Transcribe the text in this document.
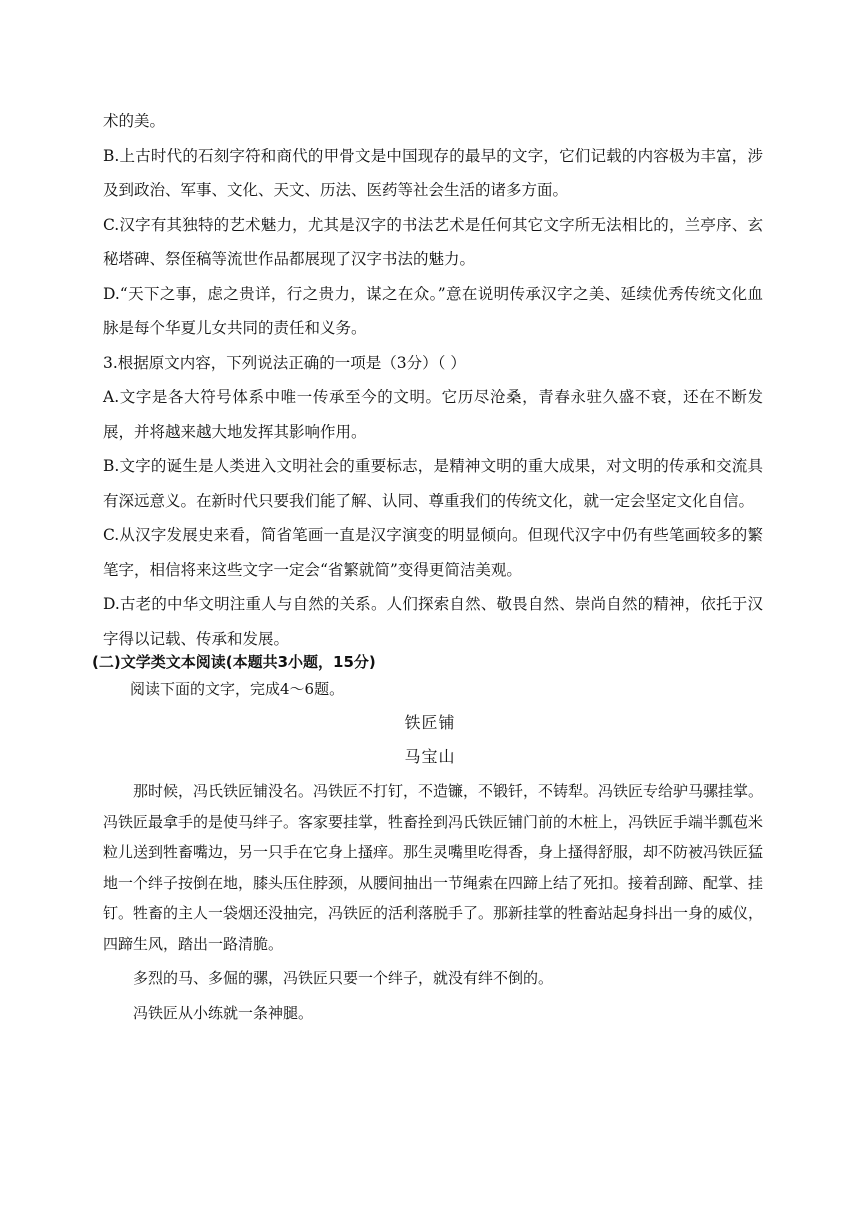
术的美。

B.上古时代的石刻字符和商代的甲骨文是中国现存的最早的文字，它们记载的内容极为丰富，涉及到政治、军事、文化、天文、历法、医药等社会生活的诸多方面。

C.汉字有其独特的艺术魅力，尤其是汉字的书法艺术是任何其它文字所无法相比的，兰亭序、玄秘塔碑、祭侄稿等流世作品都展现了汉字书法的魅力。

D.“天下之事，虑之贵详，行之贵力，谋之在众。”意在说明传承汉字之美、延续优秀传统文化血脉是每个华夏儿女共同的责任和义务。

3.根据原文内容，下列说法正确的一项是（3分）（ ）

A.文字是各大符号体系中唯一传承至今的文明。它历尽沧桑，青春永驻久盛不衰，还在不断发展，并将越来越大地发挥其影响作用。

B.文字的诞生是人类进入文明社会的重要标志，是精神文明的重大成果，对文明的传承和交流具有深远意义。在新时代只要我们能了解、认同、尊重我们的传统文化，就一定会坚定文化自信。

C.从汉字发展史来看，简省笔画一直是汉字演变的明显倾向。但现代汉字中仍有些笔画较多的繁笔字，相信将来这些文字一定会“省繁就简”变得更简洁美观。

D.古老的中华文明注重人与自然的关系。人们探索自然、敬畏自然、崇尚自然的精神，依托于汉字得以记载、传承和发展。

(二)文学类文本阅读(本题共3小题，15分)
阅读下面的文字，完成4～6题。
铁匠铺
马宝山

那时候，冯氏铁匠铺没名。冯铁匠不打钉，不造镰，不锻钎，不铸犁。冯铁匠专给驴马骡挂掌。冯铁匠最拿手的是使马绊子。客家要挂掌，牲畜拴到冯氏铁匠铺门前的木桩上，冯铁匠手端半瓢苞米粒儿送到牲畜嘴边，另一只手在它身上搔痒。那生灵嘴里吃得香，身上搔得舒服，却不防被冯铁匠猛地一个绊子按倒在地，膝头压住脖颈，从腰间抽出一节绳索在四蹄上结了死扣。接着刮蹄、配掌、挂钉。牲畜的主人一袋烟还没抽完，冯铁匠的活利落脱手了。那新挂掌的牲畜站起身抖出一身的威仪，四蹄生风，踏出一路清脆。

多烈的马、多倔的骡，冯铁匠只要一个绊子，就没有绊不倒的。

冯铁匠从小练就一条神腿。
